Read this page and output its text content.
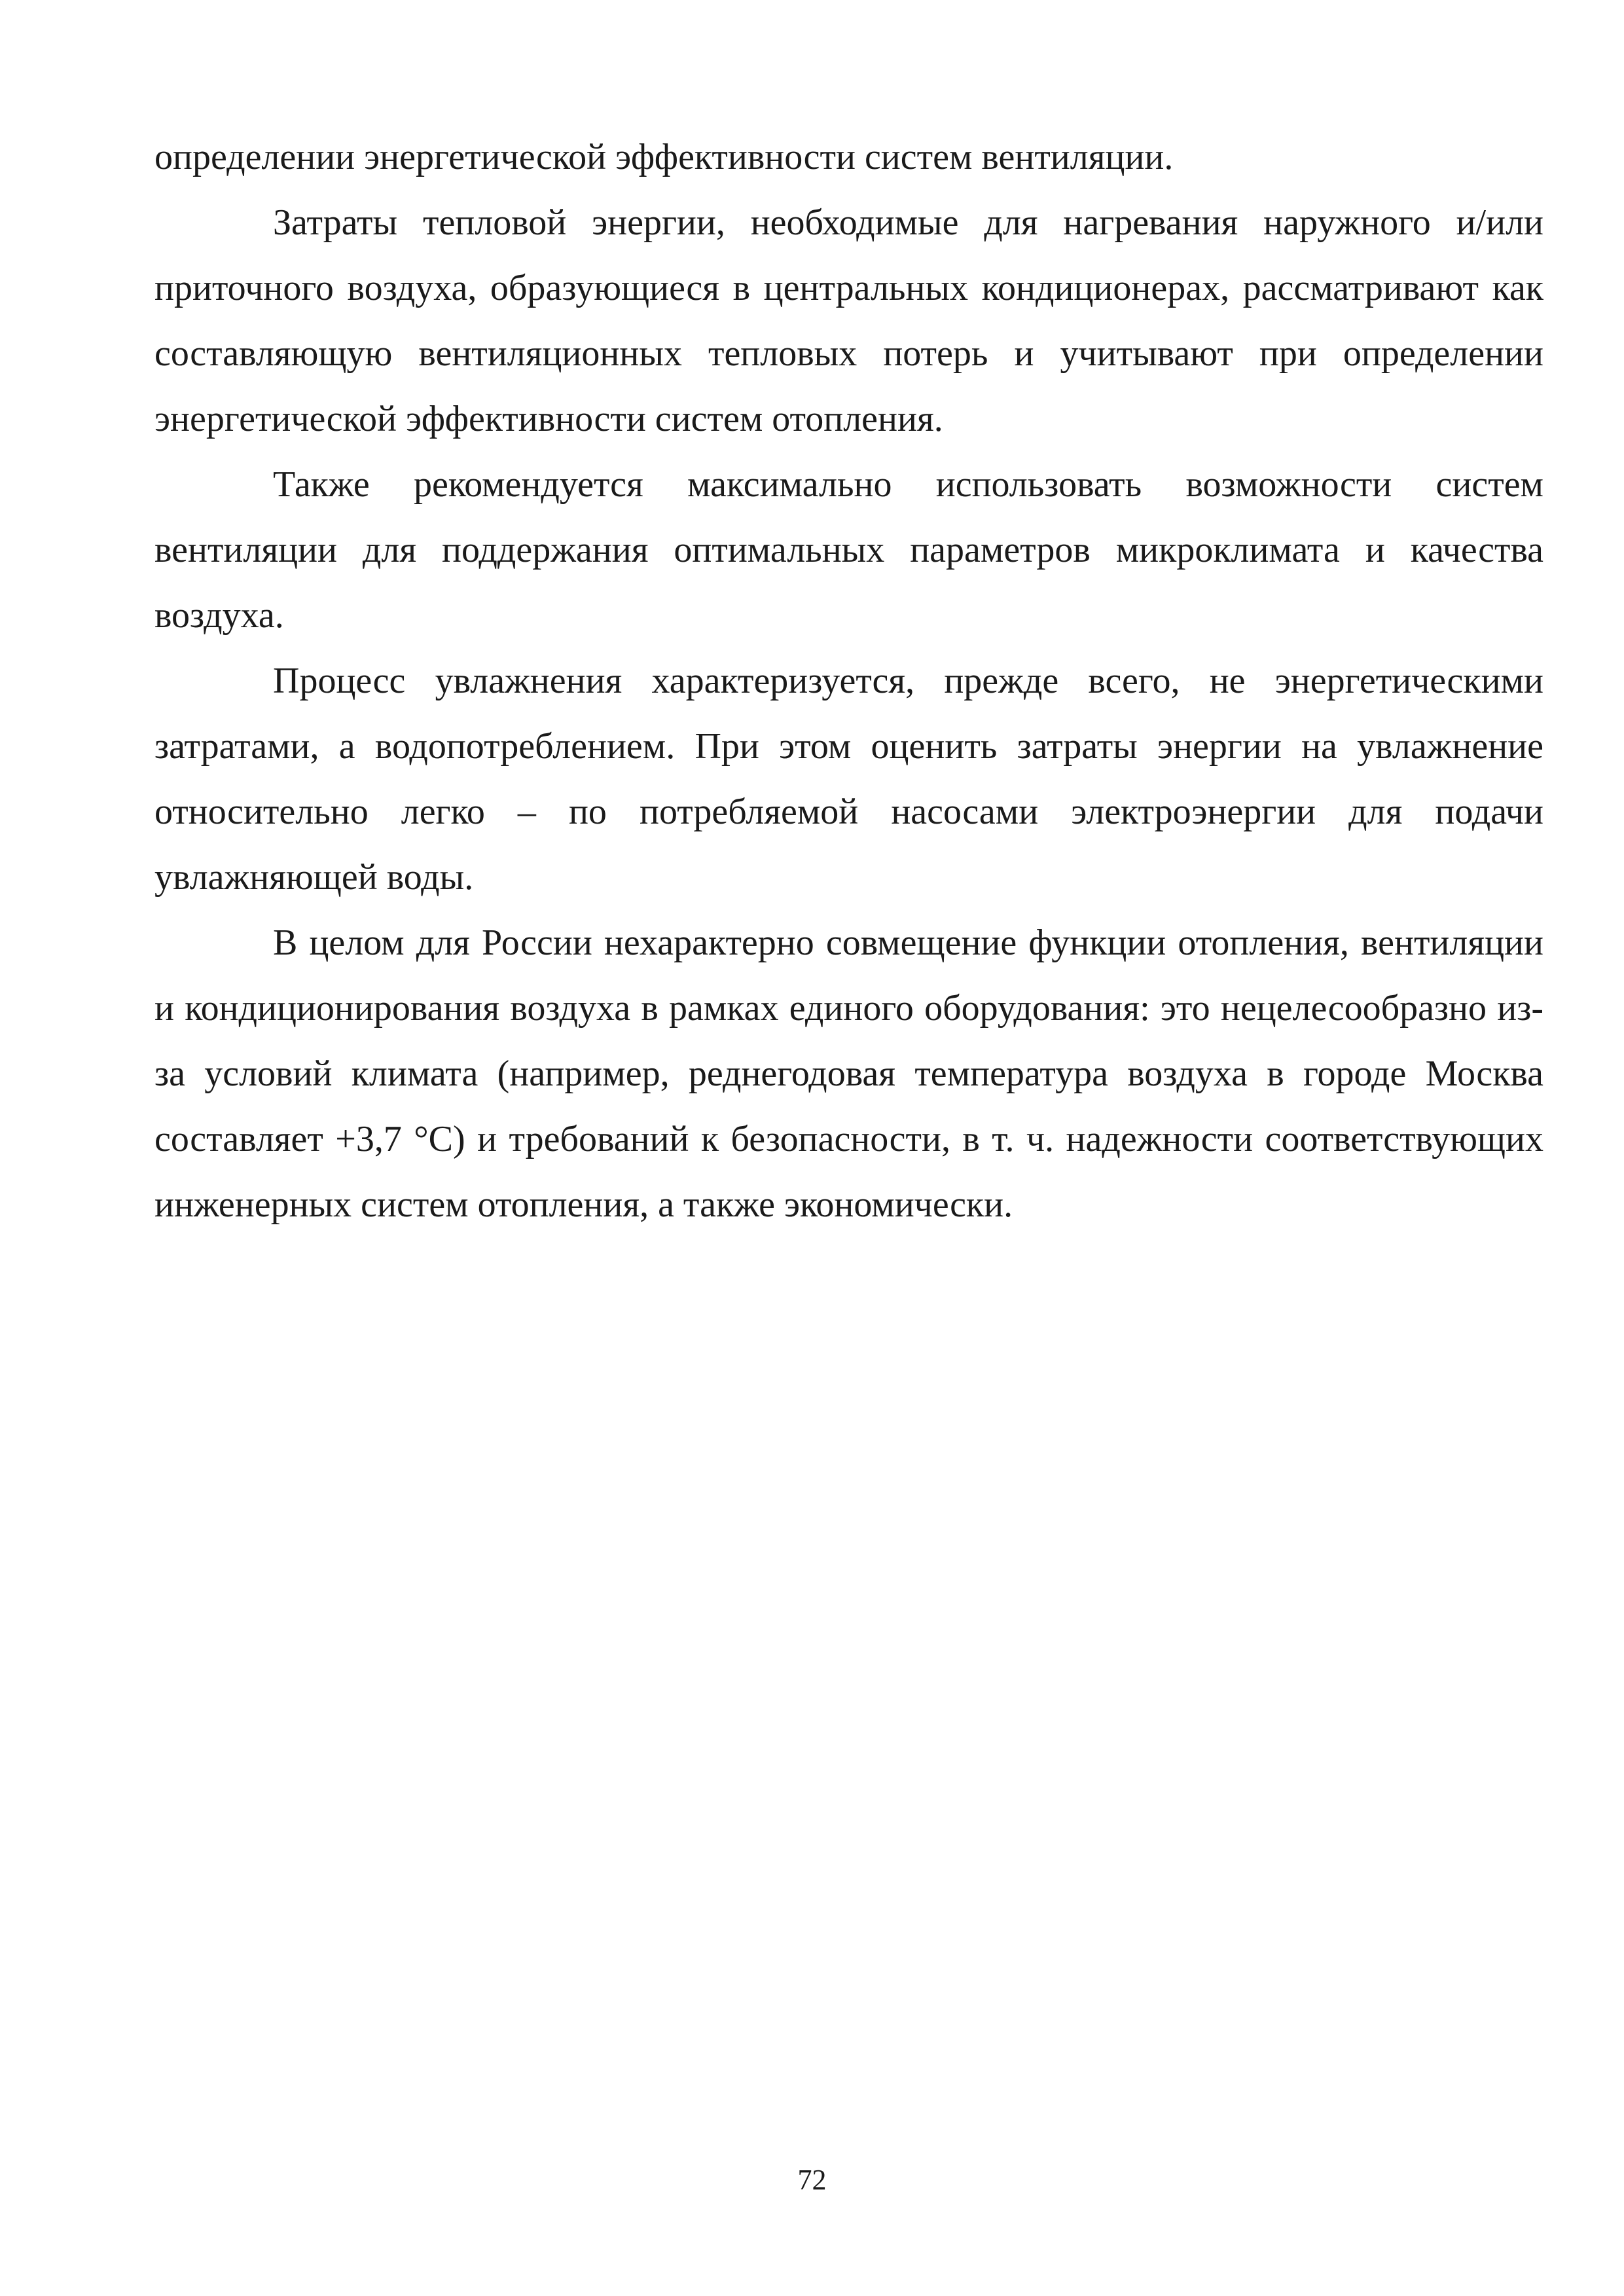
определении энергетической эффективности систем вентиляции.

Затраты тепловой энергии, необходимые для нагревания наружного и/или приточного воздуха, образующиеся в центральных кондиционерах, рассматривают как составляющую вентиляционных тепловых потерь и учитывают при определении энергетической эффективности систем отопления.

Также рекомендуется максимально использовать возможности систем вентиляции для поддержания оптимальных параметров микроклимата и качества воздуха.

Процесс увлажнения характеризуется, прежде всего, не энергетическими затратами, а водопотреблением. При этом оценить затраты энергии на увлажнение относительно легко – по потребляемой насосами электроэнергии для подачи увлажняющей воды.

В целом для России нехарактерно совмещение функции отопления, вентиляции и кондиционирования воздуха в рамках единого оборудования: это нецелесообразно из-за условий климата (например, реднегодовая температура воздуха в городе Москва составляет +3,7 °С) и требований к безопасности, в т. ч. надежности соответствующих инженерных систем отопления, а также экономически.

72
